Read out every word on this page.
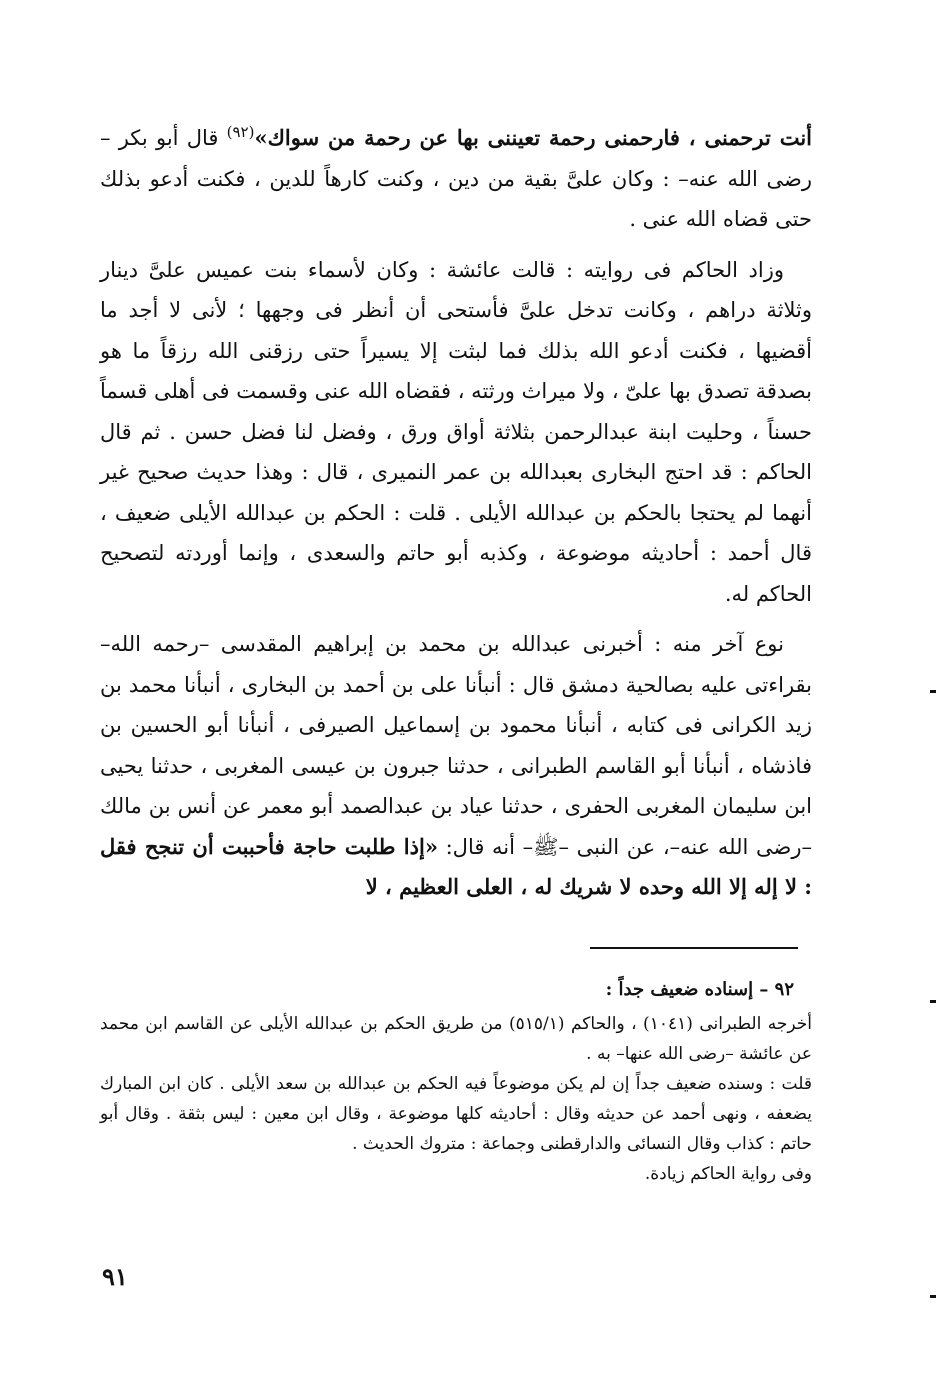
أنت ترحمنى ، فارحمنى رحمة تعيننى بها عن رحمة من سواك»$^{(٩٢)}$ قال أبو بكر –رضى الله عنه– : وكان علىَّ بقية من دين ، وكنت كارهاً للدين ، فكنت أدعو بذلك حتى قضاه الله عنى .

وزاد الحاكم فى روايته : قالت عائشة : وكان لأسماء بنت عميس علىَّ دينار وثلاثة دراهم ، وكانت تدخل علىَّ فأستحى أن أنظر فى وجهها ؛ لأنى لا أجد ما أقضيها ، فكنت أدعو الله بذلك فما لبثت إلا يسيراً حتى رزقنى الله رزقاً ما هو بصدقة تصدق بها علىّ ، ولا ميراث ورثته ، فقضاه الله عنى وقسمت فى أهلى قسماً حسناً ، وحليت ابنة عبدالرحمن بثلاثة أواق ورق ، وفضل لنا فضل حسن . ثم قال الحاكم : قد احتج البخارى بعبدالله بن عمر النميرى ، قال : وهذا حديث صحيح غير أنهما لم يحتجا بالحكم بن عبدالله الأيلى . قلت : الحكم بن عبدالله الأيلى ضعيف ، قال أحمد : أحاديثه موضوعة ، وكذبه أبو حاتم والسعدى ، وإنما أوردته لتصحيح الحاكم له.

نوع آخر منه : أخبرنى عبدالله بن محمد بن إبراهيم المقدسى –رحمه الله– بقراءتى عليه بصالحية دمشق قال : أنبأنا على بن أحمد بن البخارى ، أنبأنا محمد بن زيد الكرانى فى كتابه ، أنبأنا محمود بن إسماعيل الصيرفى ، أنبأنا أبو الحسين بن فاذشاه ، أنبأنا أبو القاسم الطبرانى ، حدثنا جبرون بن عيسى المغربى ، حدثنا يحيى ابن سليمان المغربى الحفرى ، حدثنا عياد بن عبدالصمد أبو معمر عن أنس بن مالك –رضى الله عنه–، عن النبى –ﷺ– أنه قال: «إذا طلبت حاجة فأحببت أن تنجح فقل : لا إله إلا الله وحده لا شريك له ، العلى العظيم ، لا

٩٢ – إسناده ضعيف جداً :

أخرجه الطبرانى (١٠٤١) ، والحاكم (٥١٥/١) من طريق الحكم بن عبدالله الأيلى عن القاسم ابن محمد عن عائشة –رضى الله عنها– به .

قلت : وسنده ضعيف جداً إن لم يكن موضوعاً فيه الحكم بن عبدالله بن سعد الأيلى . كان ابن المبارك يضعفه ، ونهى أحمد عن حديثه وقال : أحاديثه كلها موضوعة ، وقال ابن معين : ليس بثقة . وقال أبو حاتم : كذاب وقال النسائى والدارقطنى وجماعة : متروك الحديث .

وفى رواية الحاكم زيادة.

٩١
